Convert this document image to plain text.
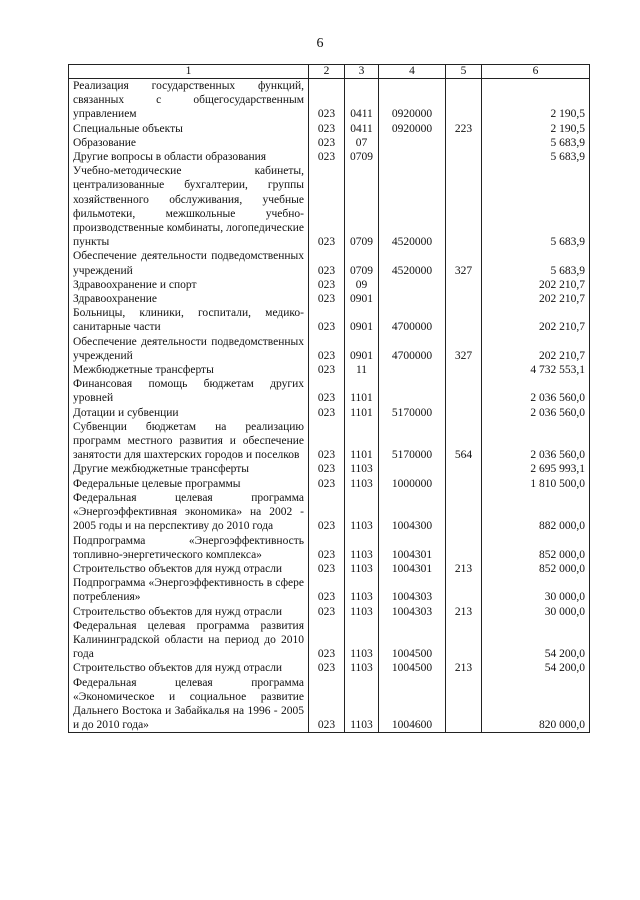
6
1	2	3	4	5	6
Реализация государственных функций, связанных с общегосударственным управлением	023	0411	0920000		2 190,5
Специальные объекты	023	0411	0920000	223	2 190,5
Образование	023	07			5 683,9
Другие вопросы в области образования	023	0709			5 683,9
Учебно-методические кабинеты, централизованные бухгалтерии, группы хозяйственного обслуживания, учебные фильмотеки, межшкольные учебно-производственные комбинаты, логопедические пункты	023	0709	4520000		5 683,9
Обеспечение деятельности подведомственных учреждений	023	0709	4520000	327	5 683,9
Здравоохранение и спорт	023	09			202 210,7
Здравоохранение	023	0901			202 210,7
Больницы, клиники, госпитали, медико-санитарные части	023	0901	4700000		202 210,7
Обеспечение деятельности подведомственных учреждений	023	0901	4700000	327	202 210,7
Межбюджетные трансферты	023	11			4 732 553,1
Финансовая помощь бюджетам других уровней	023	1101			2 036 560,0
Дотации и субвенции	023	1101	5170000		2 036 560,0
Субвенции бюджетам на реализацию программ местного развития и обеспечение занятости для шахтерских городов и поселков	023	1101	5170000	564	2 036 560,0
Другие межбюджетные трансферты	023	1103			2 695 993,1
Федеральные целевые программы	023	1103	1000000		1 810 500,0
Федеральная целевая программа «Энергоэффективная экономика» на 2002 - 2005 годы и на перспективу до 2010 года	023	1103	1004300		882 000,0
Подпрограмма «Энергоэффективность топливно-энергетического комплекса»	023	1103	1004301		852 000,0
Строительство объектов для нужд отрасли	023	1103	1004301	213	852 000,0
Подпрограмма «Энергоэффективность в сфере потребления»	023	1103	1004303		30 000,0
Строительство объектов для нужд отрасли	023	1103	1004303	213	30 000,0
Федеральная целевая программа развития Калининградской области на период до 2010 года	023	1103	1004500		54 200,0
Строительство объектов для нужд отрасли	023	1103	1004500	213	54 200,0
Федеральная целевая программа «Экономическое и социальное развитие Дальнего Востока и Забайкалья на 1996 - 2005 и до 2010 года»	023	1103	1004600		820 000,0
